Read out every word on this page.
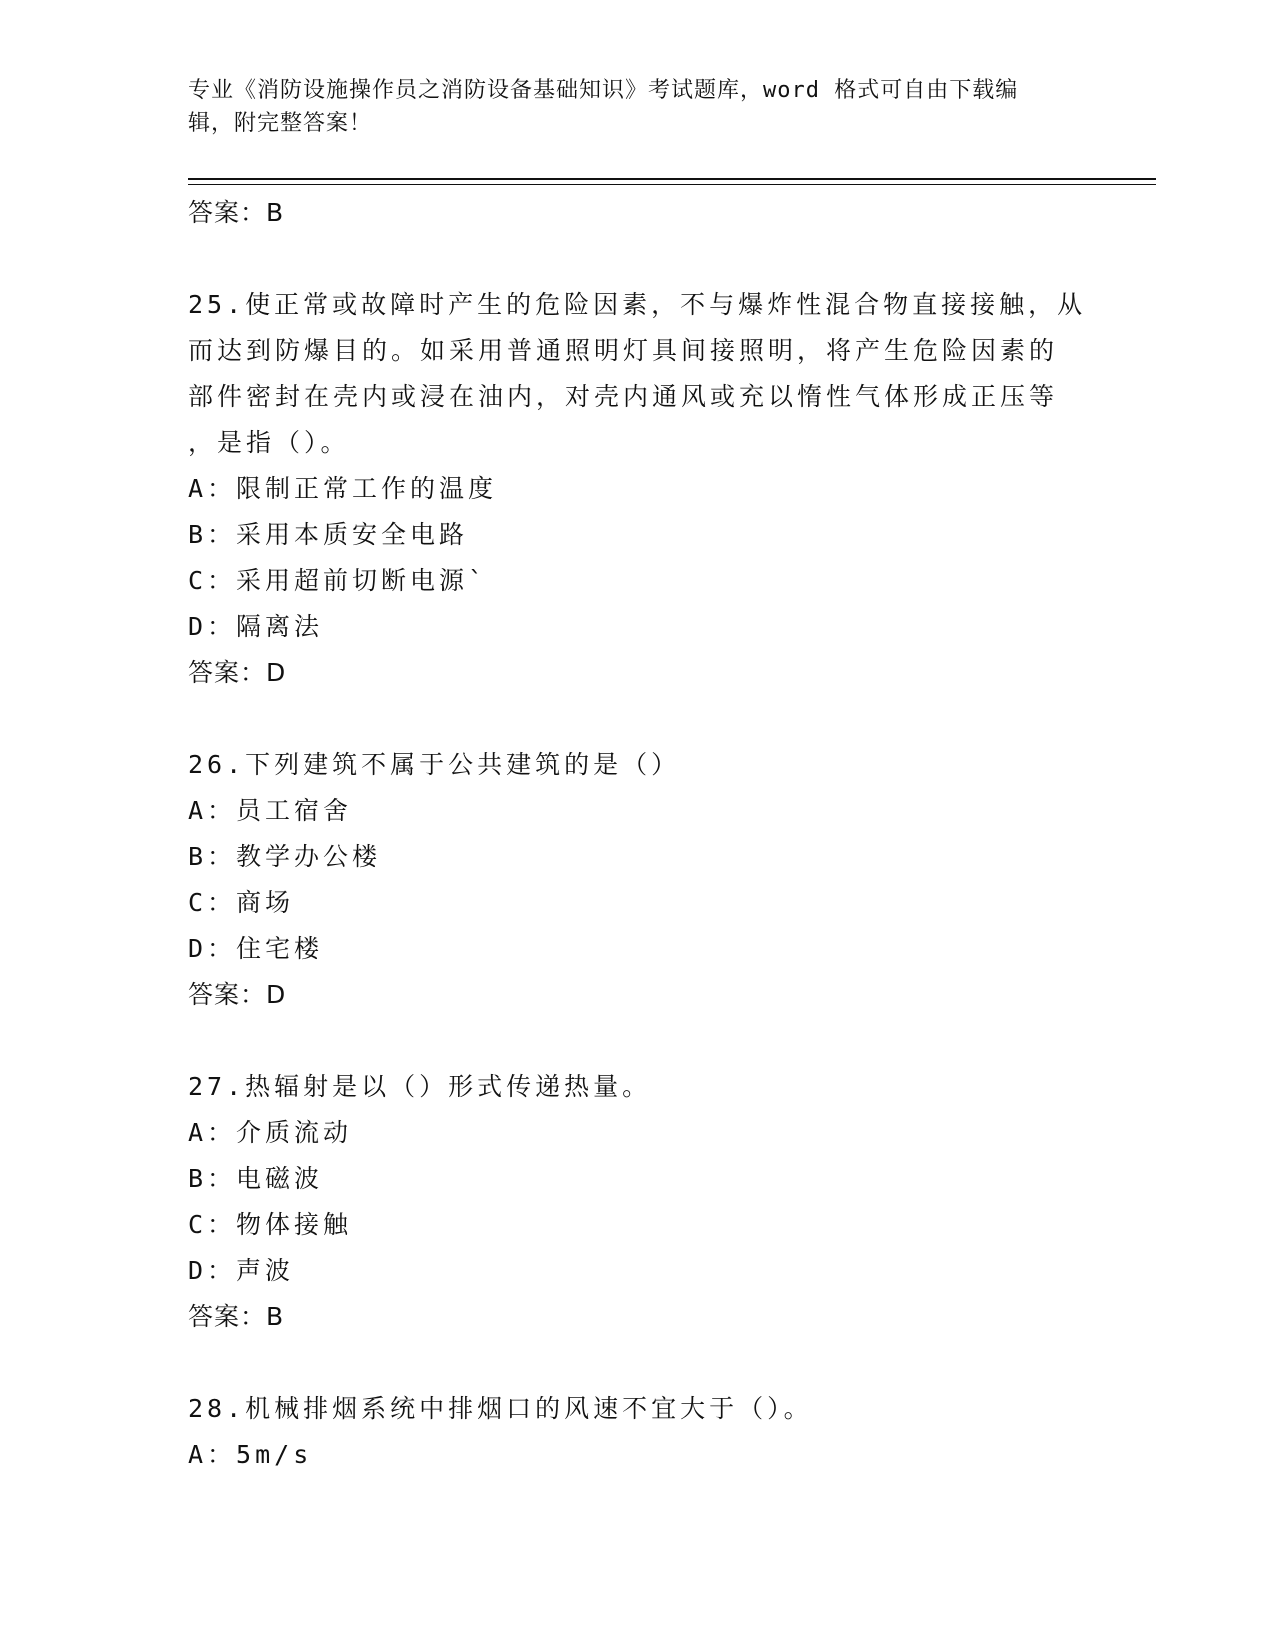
专业《消防设施操作员之消防设备基础知识》考试题库，word 格式可自由下载编
辑，附完整答案！
答案：B
25.使正常或故障时产生的危险因素，不与爆炸性混合物直接接触，从
而达到防爆目的。如采用普通照明灯具间接照明，将产生危险因素的
部件密封在壳内或浸在油内，对壳内通风或充以惰性气体形成正压等
，是指（）。
A：限制正常工作的温度
B：采用本质安全电路
C：采用超前切断电源`
D：隔离法
答案：D
26.下列建筑不属于公共建筑的是（）
A：员工宿舍
B：教学办公楼
C：商场
D：住宅楼
答案：D
27.热辐射是以（）形式传递热量。
A：介质流动
B：电磁波
C：物体接触
D：声波
答案：B
28.机械排烟系统中排烟口的风速不宜大于（）。
A：5m/s
